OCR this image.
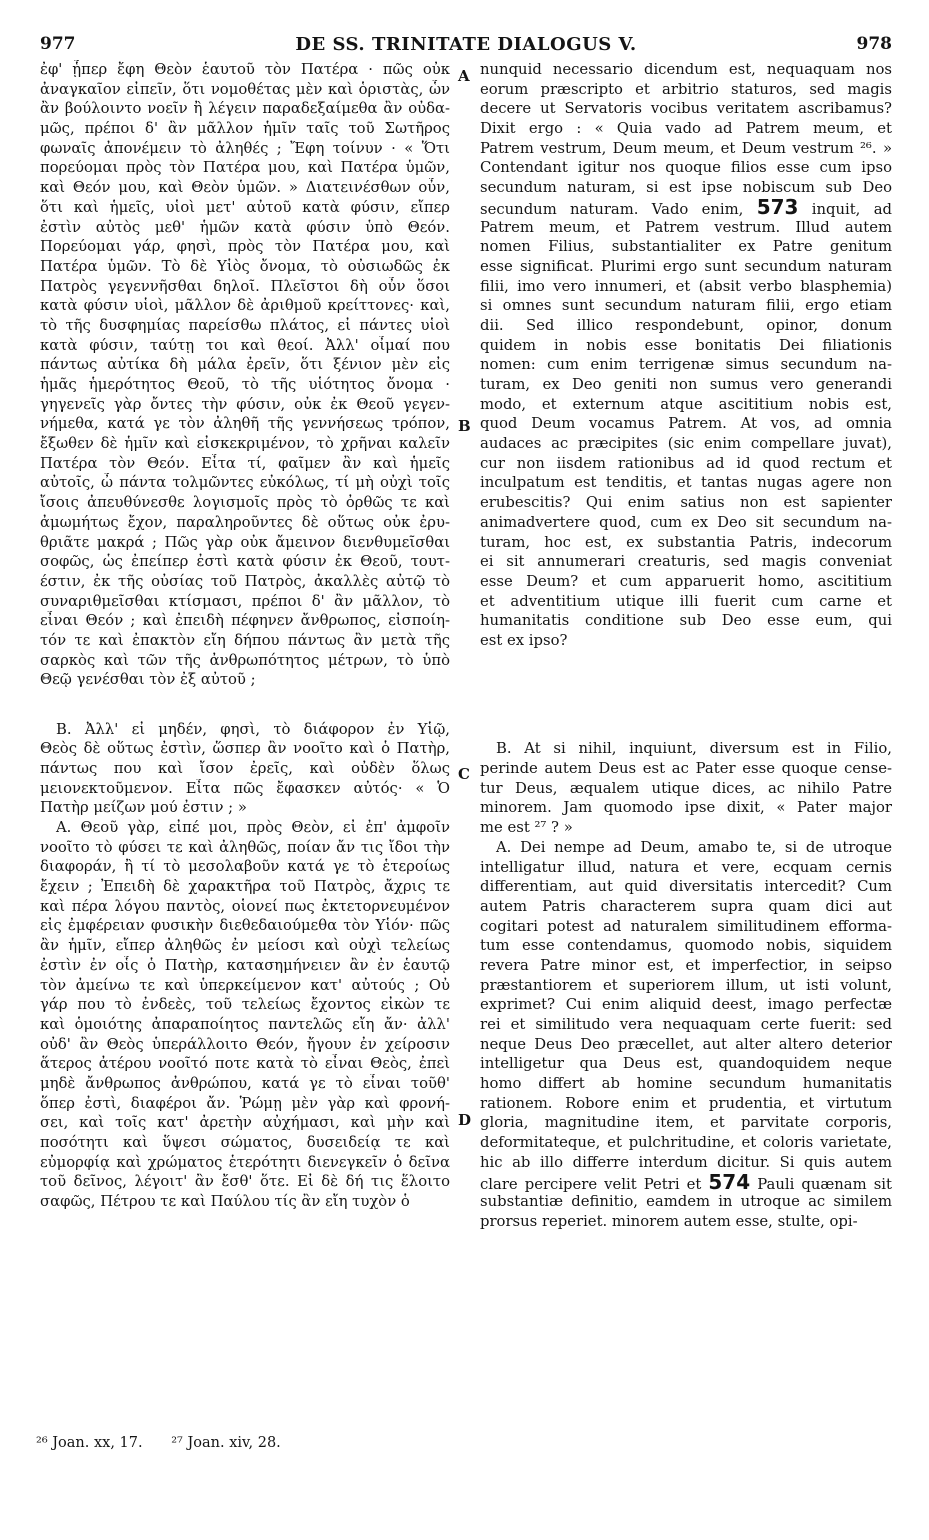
977	DE SS. TRINITATE DIALOGUS V.	978
ἐφ' ᾗπερ ἔφη Θεὸν ἑαυτοῦ τὸν Πατέρα · πῶς οὐκ
ἀναγκαῖον εἰπεῖν, ὅτι νομοθέτας μὲν καὶ ὁριστὰς, ὧν
ἂν βούλοιντο νοεῖν ἢ λέγειν παραδεξαίμεθα ἂν οὐδα-
μῶς, πρέποι δ' ἂν μᾶλλον ἡμῖν ταῖς τοῦ Σωτῆρος
φωναῖς ἀπονέμειν τὸ ἀληθές ; Ἔφη τοίνυν · « Ὅτι
πορεύομαι πρὸς τὸν Πατέρα μου, καὶ Πατέρα ὑμῶν,
καὶ Θεόν μου, καὶ Θεὸν ὑμῶν. » Διατεινέσθων οὖν,
ὅτι καὶ ἡμεῖς, υἱοὶ μετ' αὐτοῦ κατὰ φύσιν, εἴπερ
ἐστὶν αὐτὸς μεθ' ἡμῶν κατὰ φύσιν ὑπὸ Θεόν.
Πορεύομαι γάρ, φησὶ, πρὸς τὸν Πατέρα μου, καὶ
Πατέρα ὑμῶν. Τὸ δὲ Υἱὸς ὄνομα, τὸ οὐσιωδῶς ἐκ
Πατρὸς γεγεννῆσθαι δηλοῖ. Πλεῖστοι δὴ οὖν ὅσοι
κατὰ φύσιν υἱοὶ, μᾶλλον δὲ ἀριθμοῦ κρείττονες· καὶ,
τὸ τῆς δυσφημίας παρείσθω πλάτος, εἰ πάντες υἱοὶ
κατὰ φύσιν, ταύτῃ τοι καὶ θεοί. Ἀλλ' οἶμαί που
πάντως αὐτίκα δὴ μάλα ἐρεῖν, ὅτι ξένιον μὲν εἰς
ἡμᾶς ἡμερότητος Θεοῦ, τὸ τῆς υἱότητος ὄνομα ·
γηγενεῖς γὰρ ὄντες τὴν φύσιν, οὐκ ἐκ Θεοῦ γεγεν-
νήμεθα, κατά γε τὸν ἀληθῆ τῆς γεννήσεως τρόπον,
ἔξωθεν δὲ ἡμῖν καὶ εἰσκεκριμένον, τὸ χρῆναι καλεῖν
Πατέρα τὸν Θεόν. Εἶτα τί, φαῖμεν ἂν καὶ ἡμεῖς
αὐτοῖς, ὦ πάντα τολμῶντες εὐκόλως, τί μὴ οὐχὶ τοῖς
ἴσοις ἀπευθύνεσθε λογισμοῖς πρὸς τὸ ὀρθῶς τε καὶ
ἀμωμήτως ἔχον, παραληροῦντες δὲ οὕτως οὐκ ἐρυ-
θριᾶτε μακρά ; Πῶς γὰρ οὐκ ἄμεινον διενθυμεῖσθαι
σοφῶς, ὡς ἐπείπερ ἐστὶ κατὰ φύσιν ἐκ Θεοῦ, τουτ-
έστιν, ἐκ τῆς οὐσίας τοῦ Πατρὸς, ἀκαλλὲς αὐτῷ τὸ
συναριθμεῖσθαι κτίσμασι, πρέποι δ' ἂν μᾶλλον, τὸ
εἶναι Θεόν ; καὶ ἐπειδὴ πέφηνεν ἄνθρωπος, εἰσποίη-
τόν τε καὶ ἐπακτὸν εἴη δήπου πάντως ἂν μετὰ τῆς
σαρκὸς καὶ τῶν τῆς ἀνθρωπότητος μέτρων, τὸ ὑπὸ
Θεῷ γενέσθαι τὸν ἐξ αὐτοῦ ;
Β. Ἀλλ' εἰ μηδέν, φησὶ, τὸ διάφορον ἐν Υἱῷ,
Θεὸς δὲ οὕτως ἐστὶν, ὥσπερ ἂν νοοῖτο καὶ ὁ Πατὴρ,
πάντως που καὶ ἴσον ἐρεῖς, καὶ οὐδὲν ὅλως
μειονεκτοῦμενον. Εἶτα πῶς ἔφασκεν αὐτός· « Ὁ
Πατὴρ μείζων μού ἐστιν ; »
Α. Θεοῦ γὰρ, εἰπέ μοι, πρὸς Θεὸν, εἰ ἐπ' ἀμφοῖν
νοοῖτο τὸ φύσει τε καὶ ἀληθῶς, ποίαν ἄν τις ἴδοι τὴν
διαφοράν, ἢ τί τὸ μεσολαβοῦν κατά γε τὸ ἑτεροίως
ἔχειν ; Ἐπειδὴ δὲ χαρακτῆρα τοῦ Πατρὸς, ἄχρις τε
καὶ πέρα λόγου παντὸς, οἱονεί πως ἐκτετορνευμένον
εἰς ἐμφέρειαν φυσικὴν διεθεδαιούμεθα τὸν Υἱόν· πῶς
ἂν ἡμῖν, εἴπερ ἀληθῶς ἐν μείοσι καὶ οὐχὶ τελείως
ἐστὶν ἐν οἷς ὁ Πατὴρ, κατασημήνειεν ἂν ἐν ἑαυτῷ
τὸν ἀμείνω τε καὶ ὑπερκείμενον κατ' αὐτούς ; Οὐ
γάρ που τὸ ἐνδεὲς, τοῦ τελείως ἔχοντος εἰκὼν τε
καὶ ὁμοιότης ἀπαραποίητος παντελῶς εἴη ἄν· ἀλλ'
οὐδ' ἂν Θεὸς ὑπεράλλοιτο Θεόν, ἤγουν ἐν χείροσιν
ἅτερος ἀτέρου νοοῖτό ποτε κατὰ τὸ εἶναι Θεὸς, ἐπεὶ
μηδὲ ἄνθρωπος ἀνθρώπου, κατά γε τὸ εἶναι τοῦθ'
ὅπερ ἐστὶ, διαφέροι ἄν. Ῥώμῃ μὲν γὰρ καὶ φρονή-
σει, καὶ τοῖς κατ' ἀρετὴν αὐχήμασι, καὶ μὴν καὶ
ποσότητι καὶ ὕψεσι σώματος, δυσειδείᾳ τε καὶ
εὐμορφίᾳ καὶ χρώματος ἑτερότητι διενεγκεῖν ὁ δεῖνα
τοῦ δεῖνος, λέγοιτ' ἂν ἔσθ' ὅτε. Εἰ δὲ δή τις ἕλοιτο
σαφῶς, Πέτρου τε καὶ Παύλου τίς ἂν εἴη τυχὸν ὁ
nunquid necessario dicendum est, nequaquam nos
eorum præscripto et arbitrio staturos, sed magis
decere ut Servatoris vocibus veritatem ascribamus?
Dixit ergo : « Quia vado ad Patrem meum, et
Patrem vestrum, Deum meum, et Deum vestrum ²⁶. »
Contendant igitur nos quoque filios esse cum ipso
secundum naturam, si est ipse nobiscum sub Deo
secundum naturam. Vado enim, 573 inquit, ad
Patrem meum, et Patrem vestrum. Illud autem
nomen Filius, substantialiter ex Patre genitum
esse significat. Plurimi ergo sunt secundum naturam
filii, imo vero innumeri, et (absit verbo blasphemia)
si omnes sunt secundum naturam filii, ergo etiam
dii. Sed illico respondebunt, opinor, donum
quidem in nobis esse bonitatis Dei filiationis
nomen: cum enim terrigenæ simus secundum na-
turam, ex Deo geniti non sumus vero generandi
modo, et externum atque ascititium nobis est,
quod Deum vocamus Patrem. At vos, ad omnia
audaces ac præcipites (sic enim compellare juvat),
cur non iisdem rationibus ad id quod rectum et
inculpatum est tenditis, et tantas nugas agere non
erubescitis? Qui enim satius non est sapienter
animadvertere quod, cum ex Deo sit secundum na-
turam, hoc est, ex substantia Patris, indecorum
ei sit annumerari creaturis, sed magis conveniat
esse Deum? et cum apparuerit homo, ascititium
et adventitium utique illi fuerit cum carne et
humanitatis conditione sub Deo esse eum, qui
est ex ipso?
B. At si nihil, inquiunt, diversum est in Filio,
perinde autem Deus est ac Pater esse quoque cense-
tur Deus, æqualem utique dices, ac nihilo Patre
minorem. Jam quomodo ipse dixit, « Pater major
me est ²⁷ ? »
A. Dei nempe ad Deum, amabo te, si de utroque
intelligatur illud, natura et vere, ecquam cernis
differentiam, aut quid diversitatis intercedit? Cum
autem Patris characterem supra quam dici aut
cogitari potest ad naturalem similitudinem efforma-
tum esse contendamus, quomodo nobis, siquidem
revera Patre minor est, et imperfectior, in seipso
præstantiorem et superiorem illum, ut isti volunt,
exprimet? Cui enim aliquid deest, imago perfectæ
rei et similitudo vera nequaquam certe fuerit: sed
neque Deus Deo præcellet, aut alter altero deterior
intelligetur qua Deus est, quandoquidem neque
homo differt ab homine secundum humanitatis
rationem. Robore enim et prudentia, et virtutum
gloria, magnitudine item, et parvitate corporis,
deformitateque, et pulchritudine, et coloris varietate,
hic ab illo differre interdum dicitur. Si quis autem
clare percipere velit Petri et 574 Pauli quænam sit
substantiæ definitio, eamdem in utroque ac similem
prorsus reperiet. minorem autem esse, stulte, opi-
A
B
C
D
²⁶ Joan. xx, 17. ²⁷ Joan. xiv, 28.
